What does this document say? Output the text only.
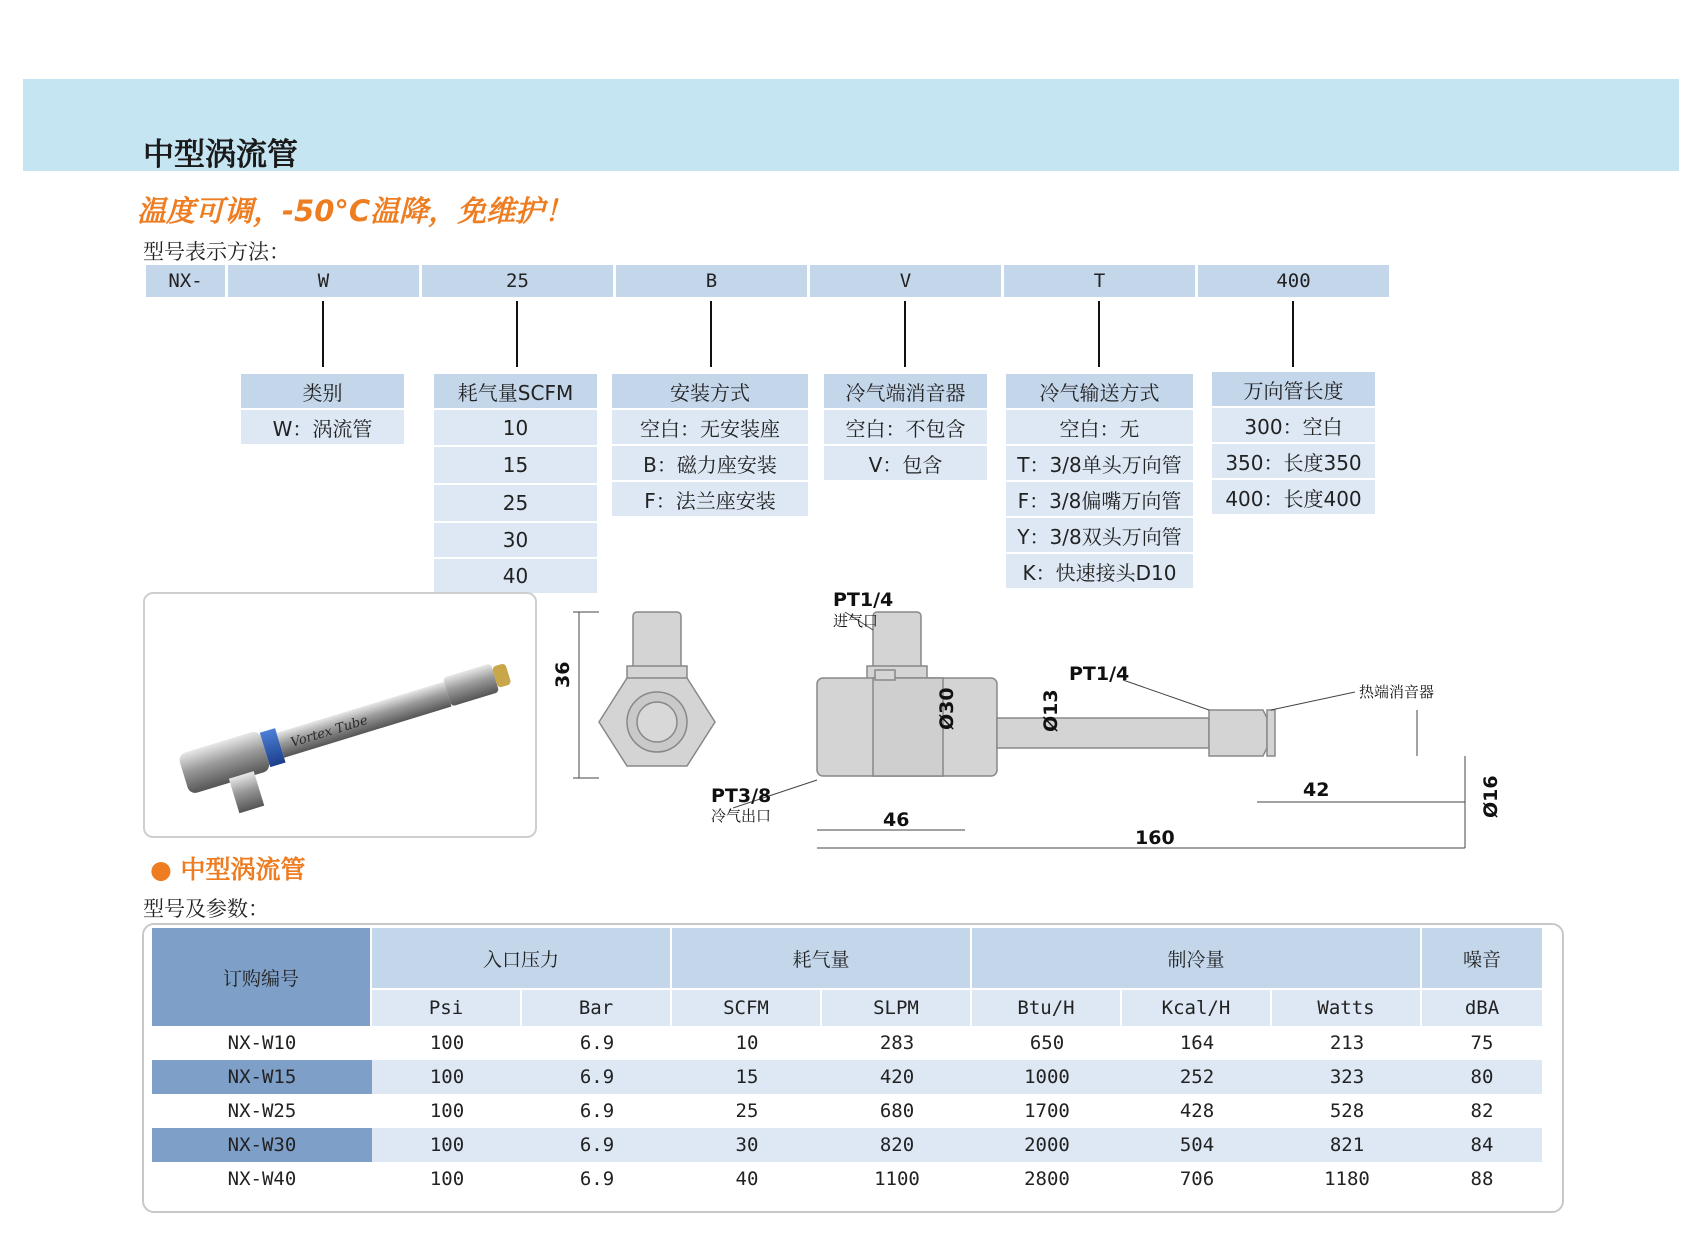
中型涡流管
温度可调，-50°C温降，免维护！
型号表示方法：
NX-	W	25	B	V	T	400
类别
W：涡流管
耗气量SCFM
10
15
25
30
40
安装方式
空白：无安装座
B：磁力座安装
F：法兰座安装
冷气端消音器
空白：不包含
V：包含
冷气输送方式
空白：无
T：3/8单头万向管
F：3/8偏嘴万向管
Y：3/8双头万向管
K：快速接头D10
万向管长度
300：空白
350：长度350
400：长度400
Vortex Tube
36
PT1/4
PT1/4
PT3/8
46
160
42
Ø30	Ø13
Ø16
进气口
热端消音器
冷气出口
● 中型涡流管
型号及参数：
订购编号	入口压力		耗气量		制冷量			噪音
	Psi	Bar	SCFM	SLPM	Btu/H	Kcal/H	Watts	dBA
NX-W10	100	6.9	10	283	650	164	213	75
NX-W15	100	6.9	15	420	1000	252	323	80
NX-W25	100	6.9	25	680	1700	428	528	82
NX-W30	100	6.9	30	820	2000	504	821	84
NX-W40	100	6.9	40	1100	2800	706	1180	88
